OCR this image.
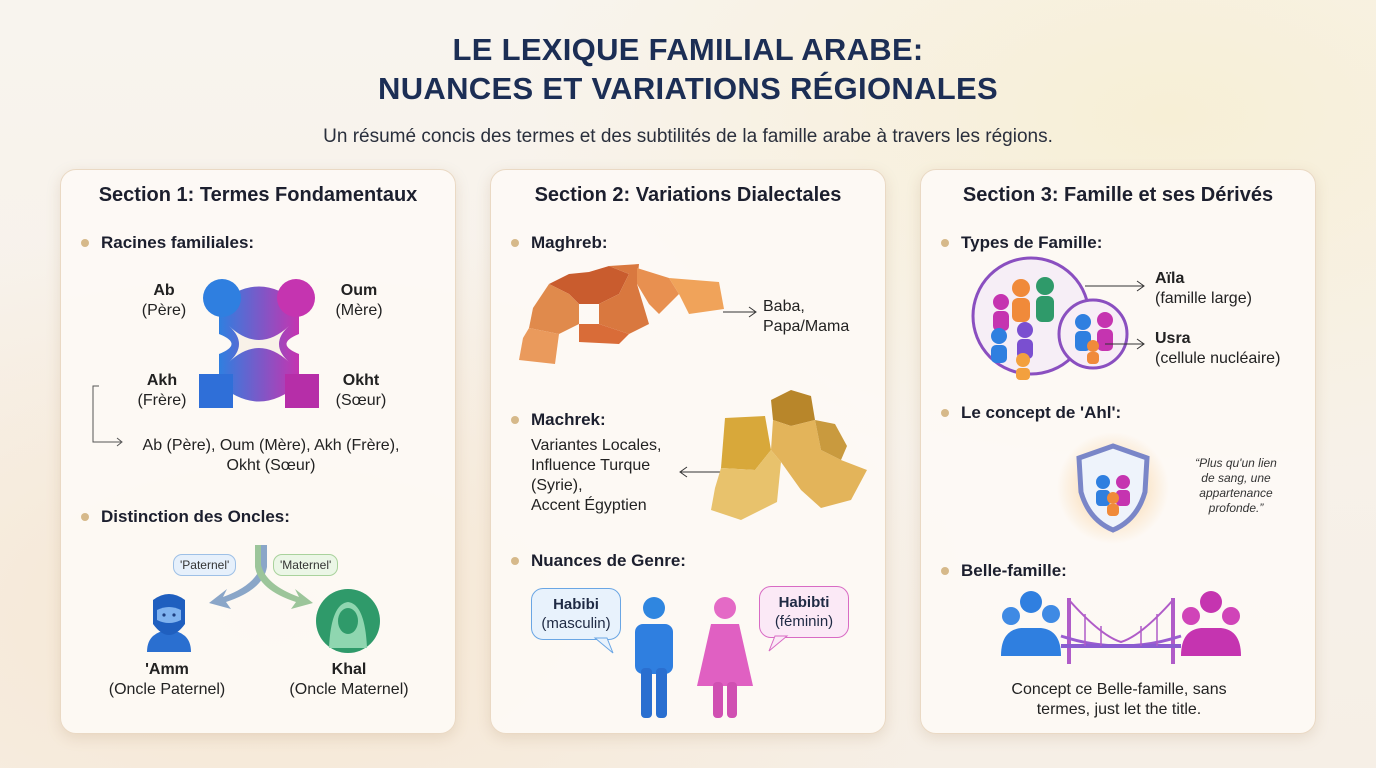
LE LEXIQUE FAMILIAL ARABE:
NUANCES ET VARIATIONS RÉGIONALES
Un résumé concis des termes et des subtilités de la famille arabe à travers les régions.
Section 1: Termes Fondamentaux
Racines familiales:
Ab
(Père)
Oum
(Mère)
Akh
(Frère)
Okht
(Sœur)
Ab (Père), Oum (Mère), Akh (Frère),
Okht (Sœur)
Distinction des Oncles:
'Paternel'	'Maternel'
'Amm
(Oncle Paternel)
Khal
(Oncle Maternel)
Section 2: Variations Dialectales
Maghreb:
Baba,
Papa/Mama
Machrek:
Variantes Locales,
Influence Turque
(Syrie),
Accent Égyptien
Nuances de Genre:
Habibi
(masculin)
Habibti
(féminin)
Section 3: Famille et ses Dérivés
Types de Famille:
Aïla
(famille large)
Usra
(cellule nucléaire)
Le concept de 'Ahl':
“Plus qu'un lien
de sang, une
appartenance
profonde.”
Belle-famille:
Concept ce Belle-famille, sans
termes, just let the title.
